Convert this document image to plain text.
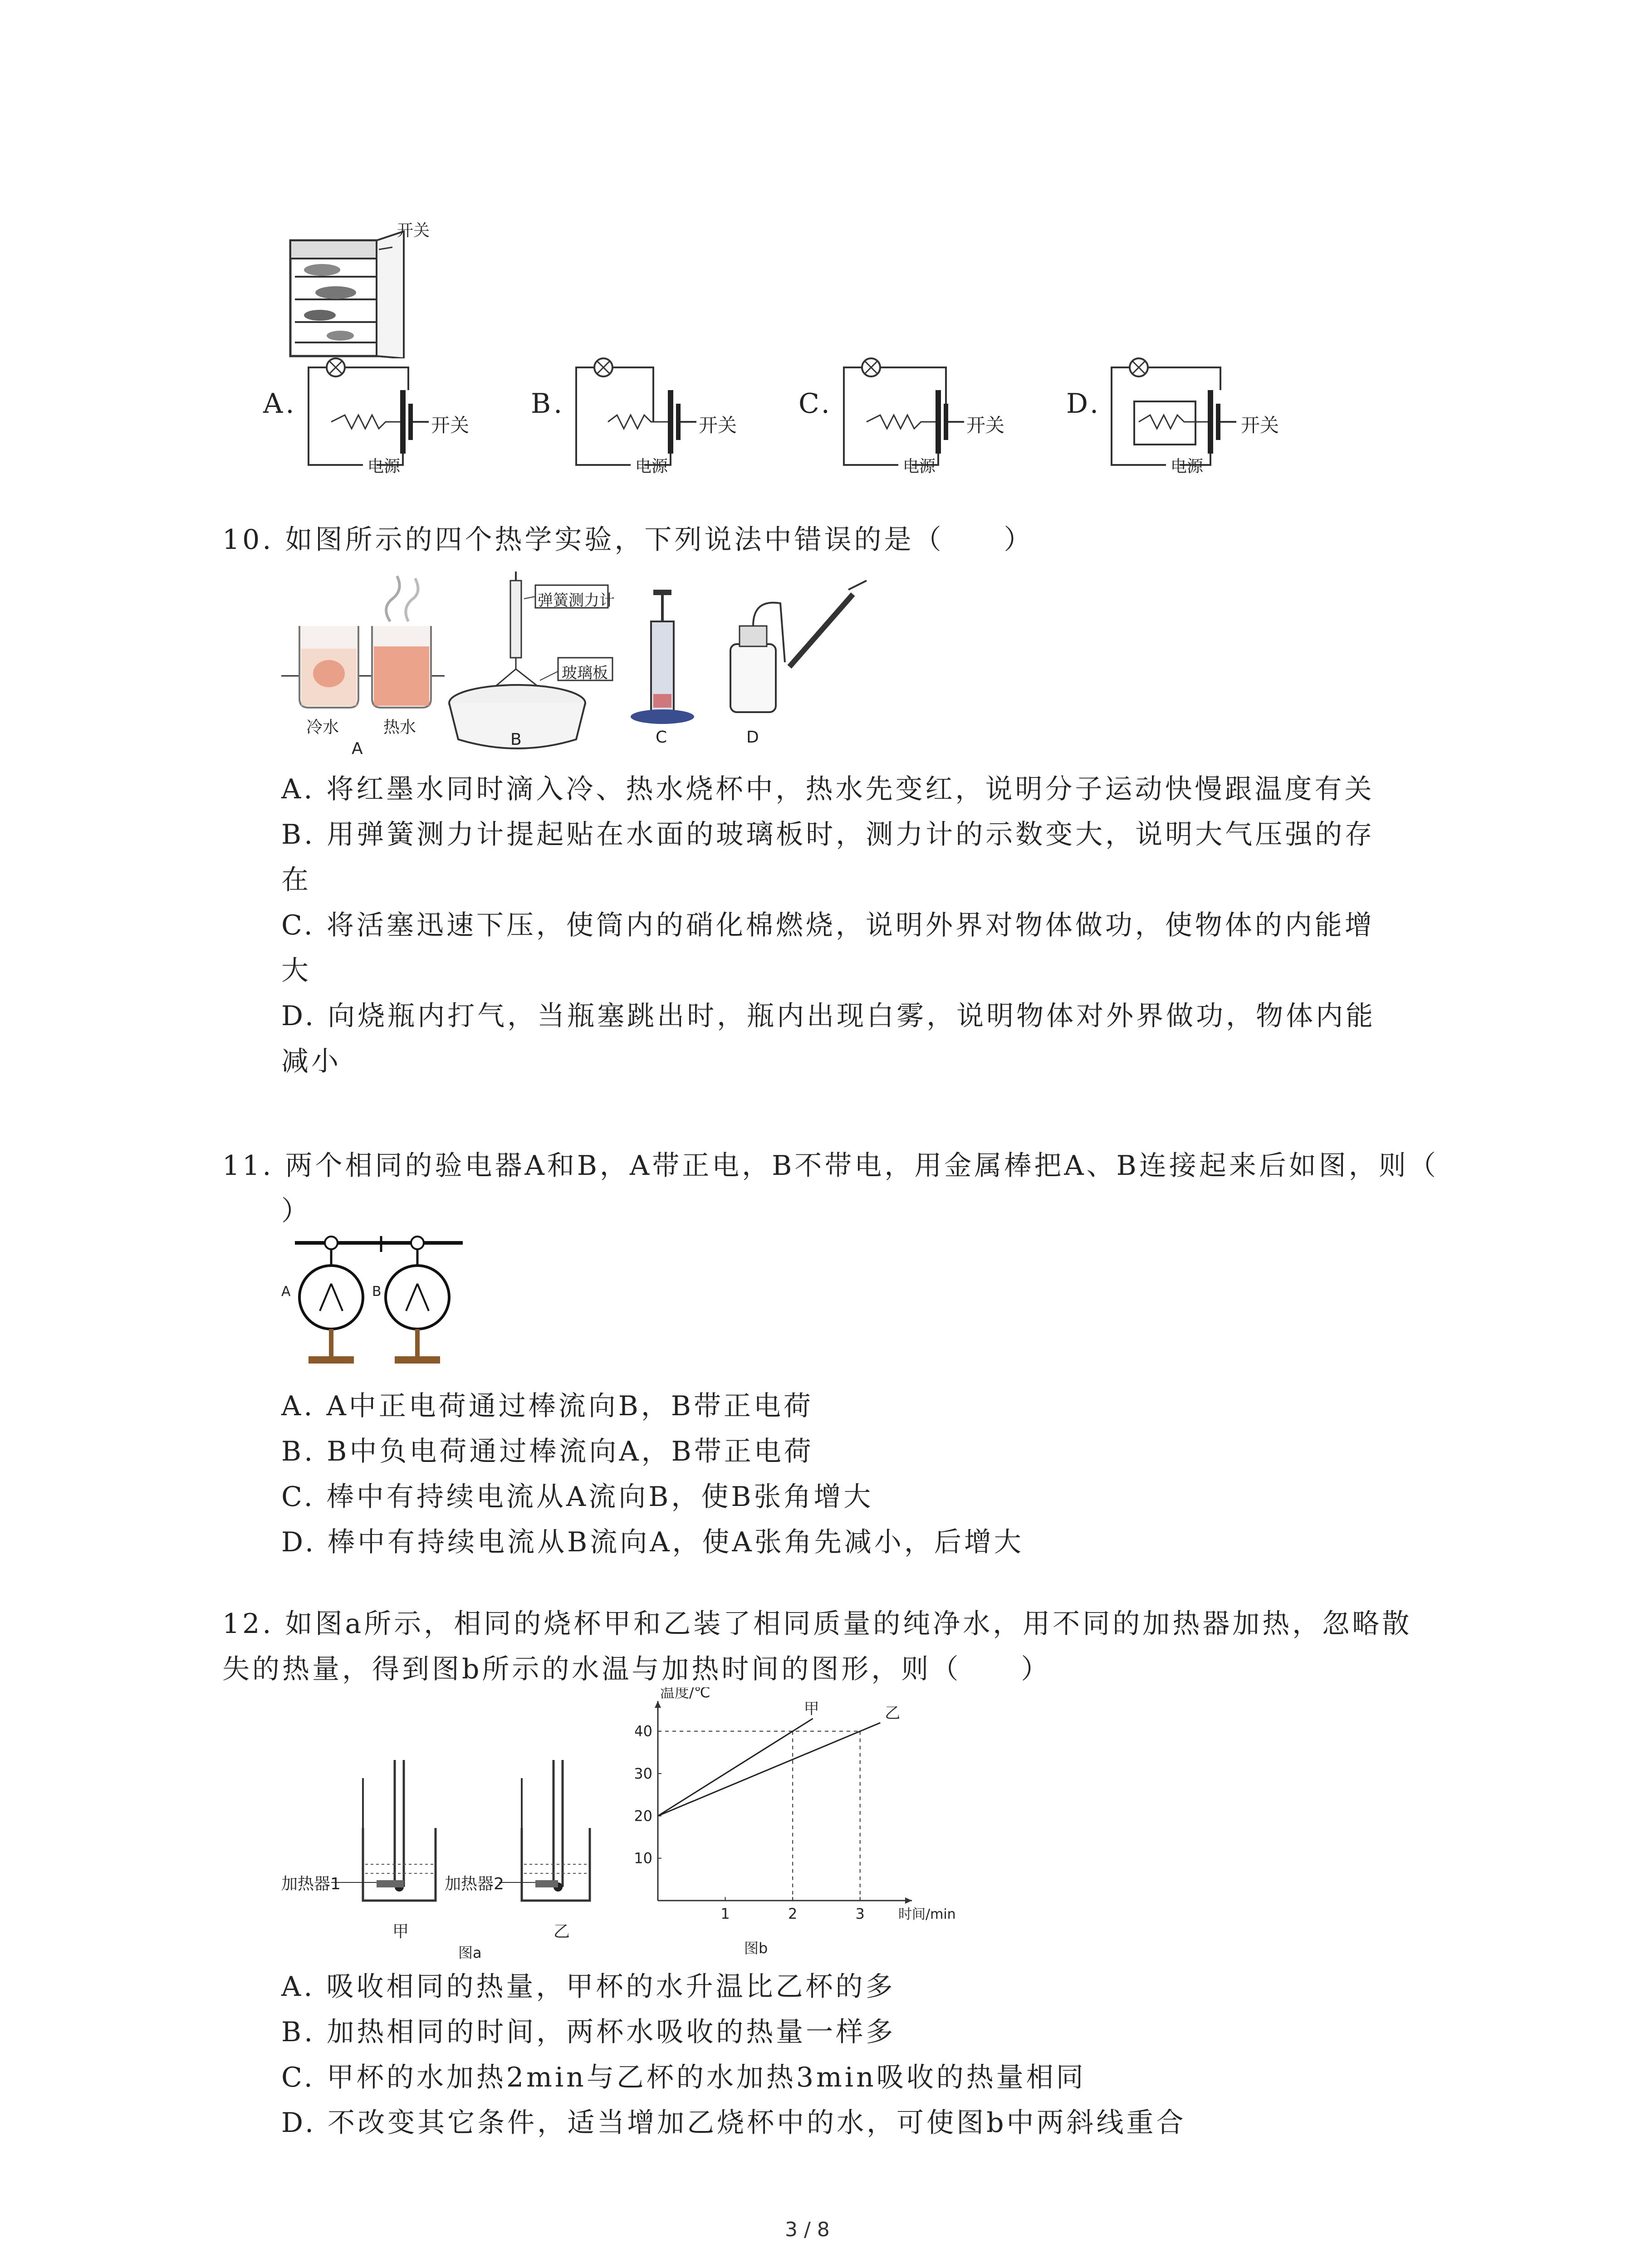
开关
A.
开关
电源
B.
开关
电源
C.
开关
电源
D.
开关
电源
10. 如图所示的四个热学实验，下列说法中错误的是（　　）
冷水	热水
A
弹簧测力计
玻璃板
B	C	D
A. 将红墨水同时滴入冷、热水烧杯中，热水先变红，说明分子运动快慢跟温度有关
B. 用弹簧测力计提起贴在水面的玻璃板时，测力计的示数变大，说明大气压强的存
在
C. 将活塞迅速下压，使筒内的硝化棉燃烧，说明外界对物体做功，使物体的内能增
大
D. 向烧瓶内打气，当瓶塞跳出时，瓶内出现白雾，说明物体对外界做功，物体内能
减小
11. 两个相同的验电器A和B，A带正电，B不带电，用金属棒把A、B连接起来后如图，则（
）
A	B
A. A中正电荷通过棒流向B，B带正电荷
B. B中负电荷通过棒流向A，B带正电荷
C. 棒中有持续电流从A流向B，使B张角增大
D. 棒中有持续电流从B流向A，使A张角先减小，后增大
12. 如图a所示，相同的烧杯甲和乙装了相同质量的纯净水，用不同的加热器加热，忽略散
失的热量，得到图b所示的水温与加热时间的图形，则（　　）
加热器1	加热器2
甲	乙
图a
10
20
30
40
1	2	3
温度/℃
时间/min
甲	乙
图b
A. 吸收相同的热量，甲杯的水升温比乙杯的多
B. 加热相同的时间，两杯水吸收的热量一样多
C. 甲杯的水加热2min与乙杯的水加热3min吸收的热量相同
D. 不改变其它条件，适当增加乙烧杯中的水，可使图b中两斜线重合
3 / 8
